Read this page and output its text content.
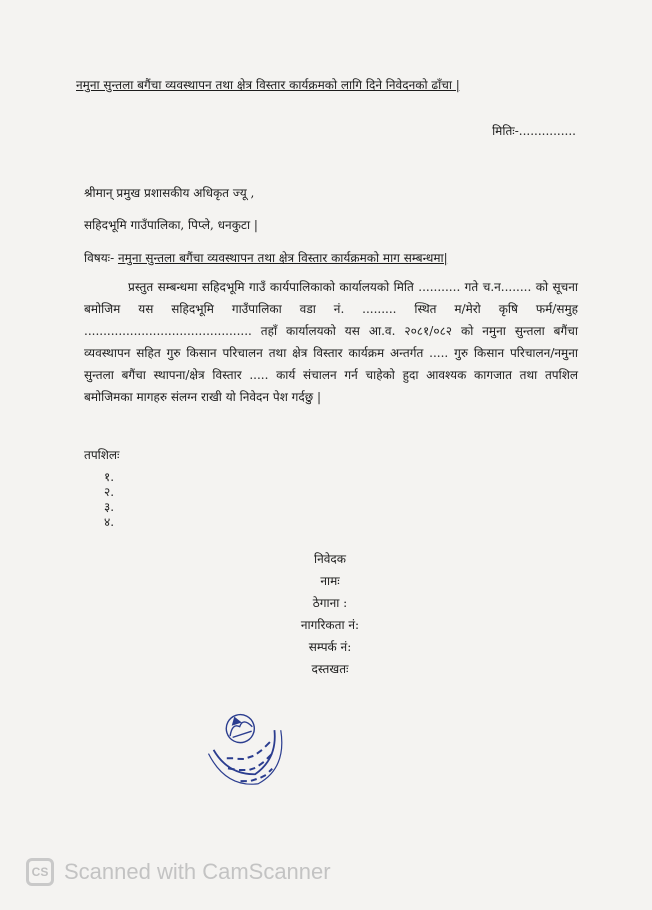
नमुना सुन्तला बगैंचा व्यवस्थापन तथा क्षेत्र विस्तार कार्यक्रमको लागि दिने निवेदनको ढाँचा |
मितिः-...............
श्रीमान् प्रमुख प्रशासकीय अधिकृत ज्यू ,
सहिदभूमि गाउँपालिका, पिप्ले, धनकुटा |
विषयः- नमुना सुन्तला बगैंचा व्यवस्थापन तथा क्षेत्र विस्तार कार्यक्रमको माग सम्बन्धमा|
प्रस्तुत सम्बन्धमा सहिदभूमि गाउँ कार्यपालिकाको कार्यालयको मिति ........... गते च.न........ को सूचना बमोजिम यस सहिदभूमि गाउँपालिका वडा नं. ......... स्थित म/मेरो कृषि फर्म/समुह ............................................ तहाँ कार्यालयको यस आ.व. २०८१/०८२ को नमुना सुन्तला बगैंचा व्यवस्थापन सहित गुरु किसान परिचालन तथा क्षेत्र विस्तार कार्यक्रम अन्तर्गत ..... गुरु किसान परिचालन/नमुना सुन्तला बगैंचा स्थापना/क्षेत्र विस्तार ..... कार्य संचालन गर्न चाहेको हुदा आवश्यक कागजात तथा तपशिल बमोजिमका मागहरु संलग्न राखी यो निवेदन पेश गर्दछु |
तपशिलः
१.
२.
३.
४.
निवेदक
नामः
ठेगाना :
नागरिकता नं:
सम्पर्क नं:
दस्तखतः
CS Scanned with CamScanner
